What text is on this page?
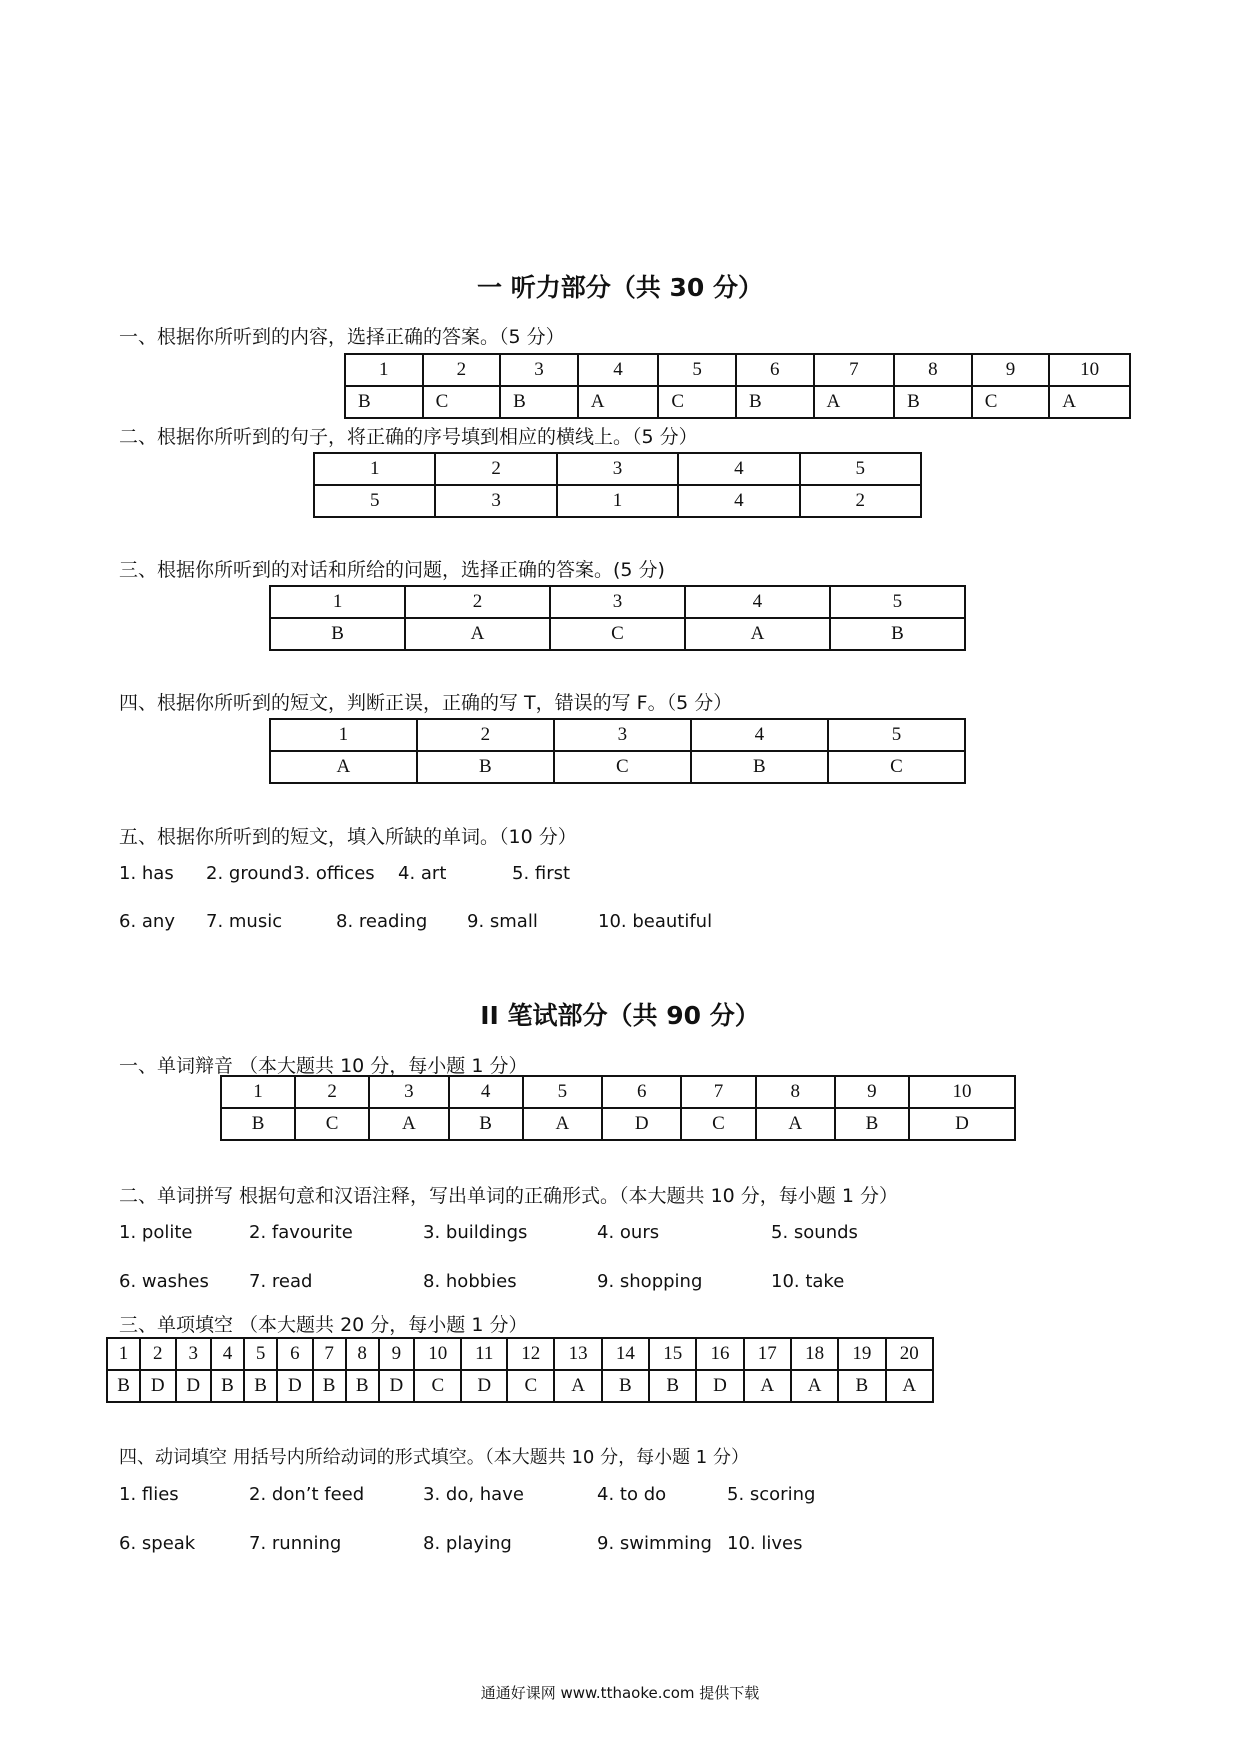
一 听力部分（共 30 分）
一、根据你所听到的内容，选择正确的答案。（5 分）
1	2	3	4	5	6	7	8	9	10
B	C	B	A	C	B	A	B	C	A
二、根据你所听到的句子，将正确的序号填到相应的横线上。（5 分）
1	2	3	4	5
5	3	1	4	2
三、根据你所听到的对话和所给的问题，选择正确的答案。(5 分)
1	2	3	4	5
B	A	C	A	B
四、根据你所听到的短文，判断正误，正确的写 T，错误的写 F。（5 分）
1	2	3	4	5
A	B	C	B	C
五、根据你所听到的短文，填入所缺的单词。（10 分）
1. has 2. ground 3. offices 4. art	5. first
6. any 7. music	8. reading 9. small	10. beautiful
II 笔试部分（共 90 分）
一、单词辩音 （本大题共 10 分，每小题 1 分）
1	2	3	4	5	6	7	8	9	10
B	C	A	B	A	D	C	A	B	D
二、单词拼写 根据句意和汉语注释，写出单词的正确形式。（本大题共 10 分，每小题 1 分）
1. polite	2. favourite	3. buildings	4. ours	5. sounds
6. washes 7. read	8. hobbies	9. shopping	10. take
三、单项填空 （本大题共 20 分，每小题 1 分）
1	2	3	4	5	6	7	8	9	10	11	12	13	14	15	16	17	18	19	20
B	D	D	B	B	D	B	B	D	C	D	C	A	B	B	D	A	A	B	A
四、动词填空 用括号内所给动词的形式填空。（本大题共 10 分，每小题 1 分）
1. flies	2. don’t feed	3. do, have	4. to do	5. scoring
6. speak	7. running	8. playing	9. swimming 10. lives
通通好课网 www.tthaoke.com 提供下载
